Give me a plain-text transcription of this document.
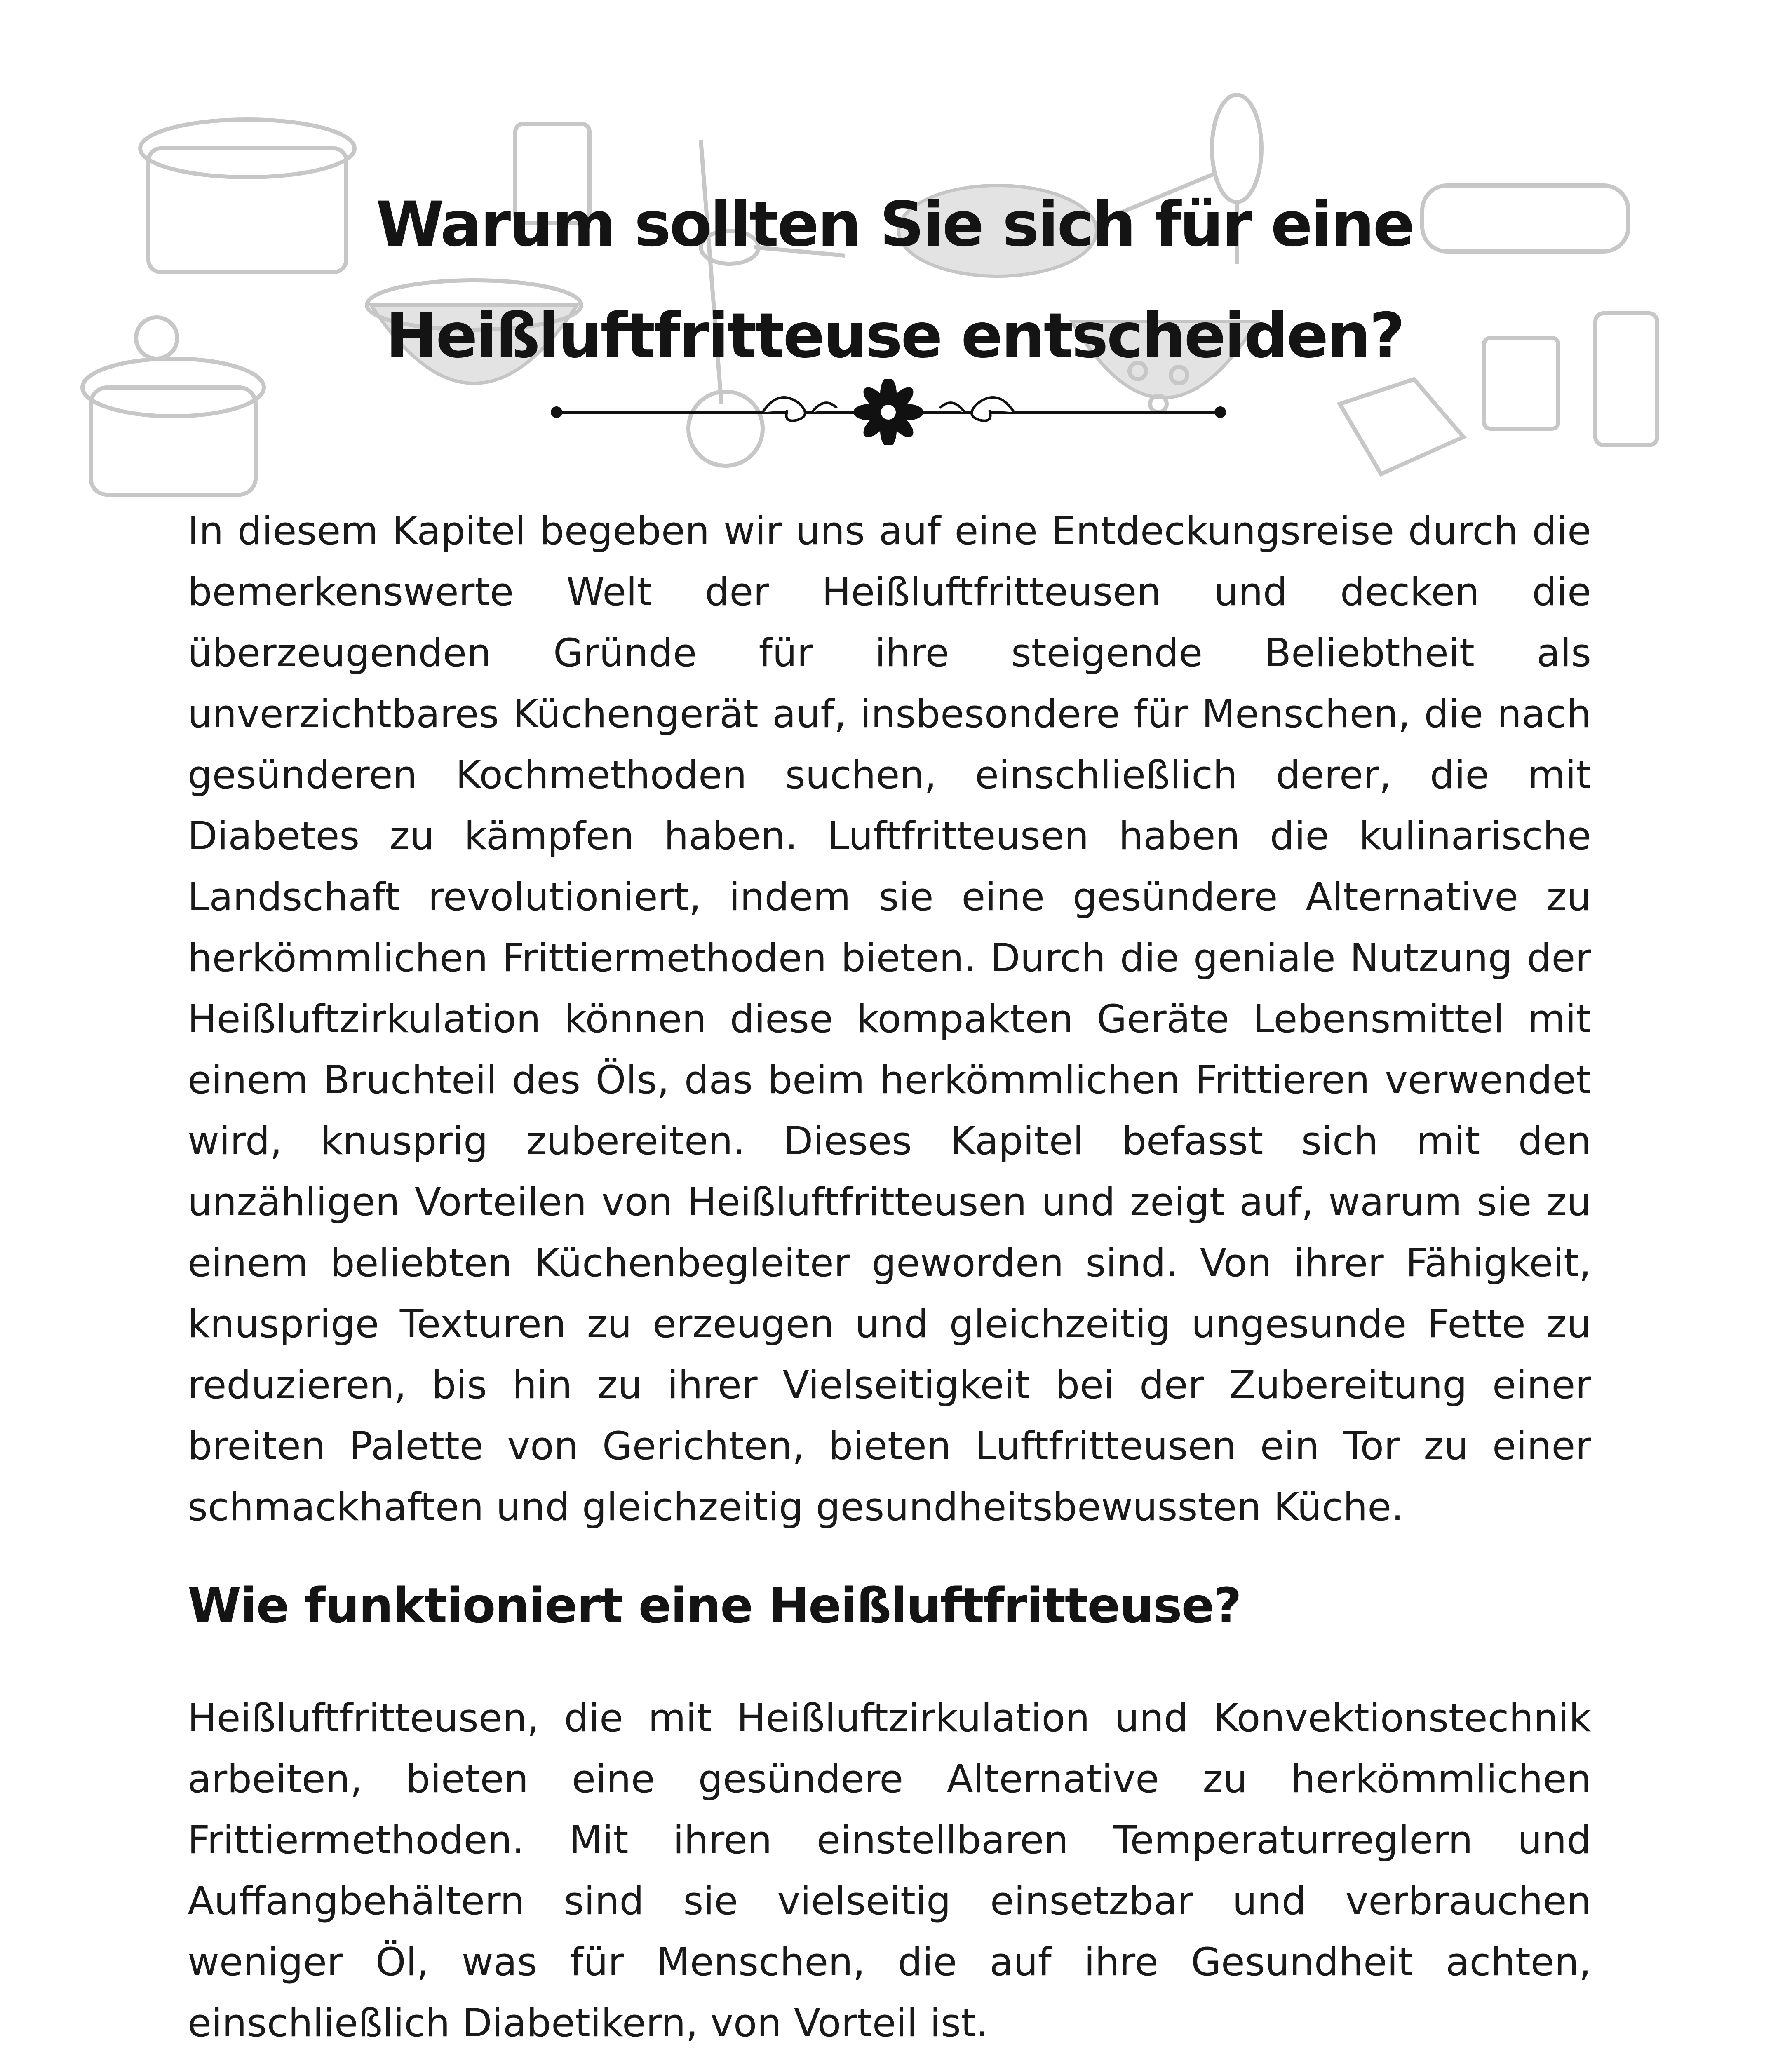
Warum sollten Sie sich für eine Heißluftfritteuse entscheiden?

In diesem Kapitel begeben wir uns auf eine Entdeckungsreise durch die bemerkenswerte Welt der Heißluftfritteusen und decken die überzeugenden Gründe für ihre steigende Beliebtheit als unverzichtbares Küchengerät auf, insbesondere für Menschen, die nach gesünderen Kochmethoden suchen, einschließlich derer, die mit Diabetes zu kämpfen haben. Luftfritteusen haben die kulinarische Landschaft revolutioniert, indem sie eine gesündere Alternative zu herkömmlichen Frittiermethoden bieten. Durch die geniale Nutzung der Heißluftzirkulation können diese kompakten Geräte Lebensmittel mit einem Bruchteil des Öls, das beim herkömmlichen Frittieren verwendet wird, knusprig zubereiten. Dieses Kapitel befasst sich mit den unzähligen Vorteilen von Heißluftfritteusen und zeigt auf, warum sie zu einem beliebten Küchenbegleiter geworden sind. Von ihrer Fähigkeit, knusprige Texturen zu erzeugen und gleichzeitig ungesunde Fette zu reduzieren, bis hin zu ihrer Vielseitigkeit bei der Zubereitung einer breiten Palette von Gerichten, bieten Luftfritteusen ein Tor zu einer schmackhaften und gleichzeitig gesundheitsbewussten Küche.

Wie funktioniert eine Heißluftfritteuse?

Heißluftfritteusen, die mit Heißluftzirkulation und Konvektionstechnik arbeiten, bieten eine gesündere Alternative zu herkömmlichen Frittiermethoden. Mit ihren einstellbaren Temperaturreglern und Auffangbehältern sind sie vielseitig einsetzbar und verbrauchen weniger Öl, was für Menschen, die auf ihre Gesundheit achten, einschließlich Diabetikern, von Vorteil ist.
